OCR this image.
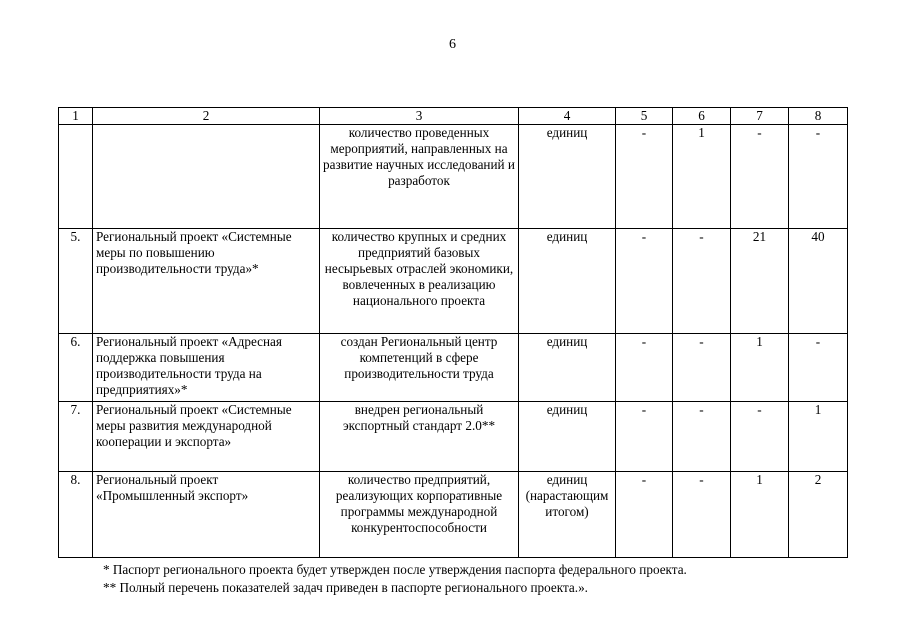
6
1	2	3	4	5	6	7	8
		количество проведенных мероприятий, направленных на развитие научных исследований и разработок	единиц	-	1	-	-
5.	Региональный проект «Системные меры по повышению производительности труда»*	количество крупных и средних предприятий базовых несырьевых отраслей экономики, вовлеченных в реализацию национального проекта	единиц	-	-	21	40
6.	Региональный проект «Адресная поддержка повышения производительности труда на предприятиях»*	создан Региональный центр компетенций в сфере производительности труда	единиц	-	-	1	-
7.	Региональный проект «Системные меры развития международной кооперации и экспорта»	внедрен региональный экспортный стандарт 2.0**	единиц	-	-	-	1
8.	Региональный проект «Промышленный экспорт»	количество предприятий, реализующих корпоративные программы международной конкурентоспособности	единиц (нарастающим итогом)	-	-	1	2
* Паспорт регионального проекта будет утвержден после утверждения паспорта федерального проекта.
** Полный перечень показателей задач приведен в паспорте регионального проекта.».
